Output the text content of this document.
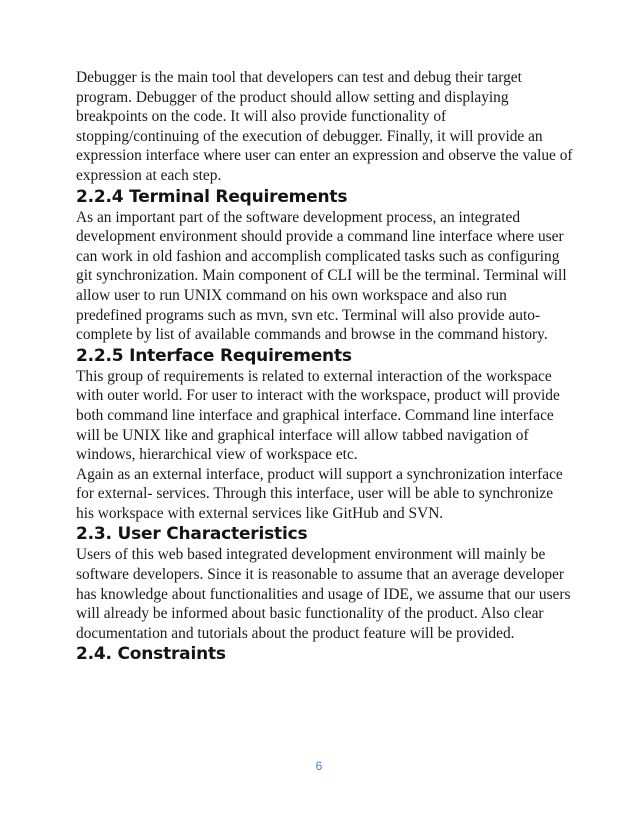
Debugger is the main tool that developers can test and debug their target
program. Debugger of the product should allow setting and displaying
breakpoints on the code. It will also provide functionality of
stopping/continuing of the execution of debugger. Finally, it will provide an
expression interface where user can enter an expression and observe the value of
expression at each step.

2.2.4 Terminal Requirements

As an important part of the software development process, an integrated
development environment should provide a command line interface where user
can work in old fashion and accomplish complicated tasks such as configuring
git synchronization. Main component of CLI will be the terminal. Terminal will
allow user to run UNIX command on his own workspace and also run
predefined programs such as mvn, svn etc. Terminal will also provide auto-
complete by list of available commands and browse in the command history.

2.2.5 Interface Requirements

This group of requirements is related to external interaction of the workspace
with outer world. For user to interact with the workspace, product will provide
both command line interface and graphical interface. Command line interface
will be UNIX like and graphical interface will allow tabbed navigation of
windows, hierarchical view of workspace etc.

Again as an external interface, product will support a synchronization interface
for external- services. Through this interface, user will be able to synchronize
his workspace with external services like GitHub and SVN.

2.3. User Characteristics

Users of this web based integrated development environment will mainly be
software developers. Since it is reasonable to assume that an average developer
has knowledge about functionalities and usage of IDE, we assume that our users
will already be informed about basic functionality of the product. Also clear
documentation and tutorials about the product feature will be provided.

2.4. Constraints
6
